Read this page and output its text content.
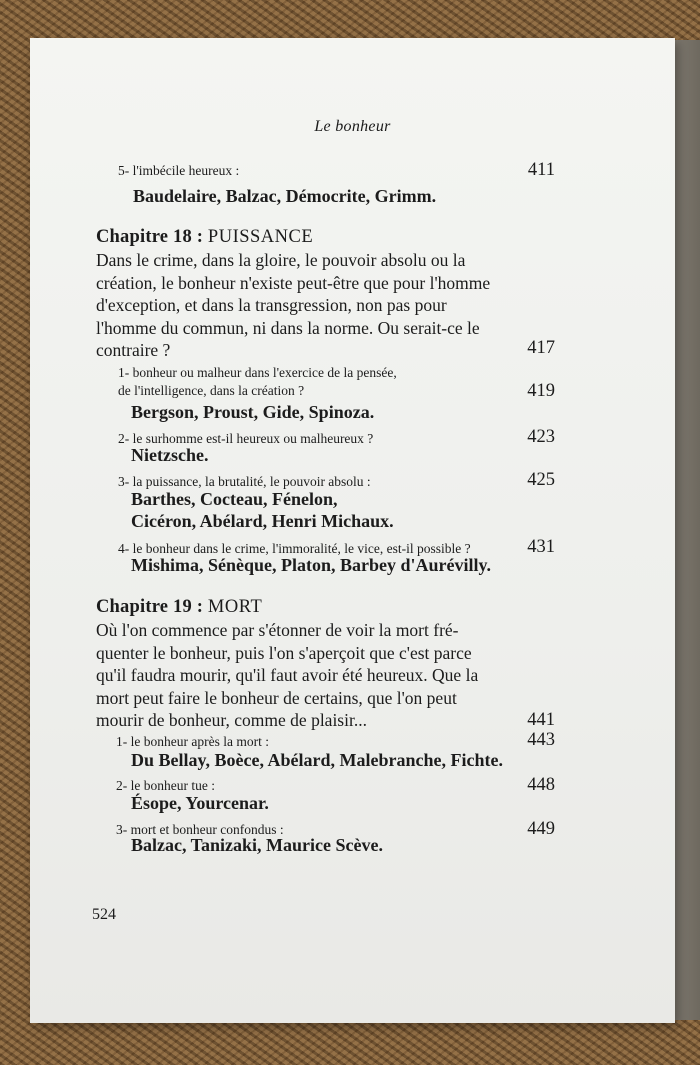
Le bonheur
5- l'imbécile heureux :	411
Baudelaire, Balzac, Démocrite, Grimm.
Chapitre 18 : PUISSANCE
Dans le crime, dans la gloire, le pouvoir absolu ou la
création, le bonheur n'existe peut-être que pour l'homme
d'exception, et dans la transgression, non pas pour
l'homme du commun, ni dans la norme. Ou serait-ce le
contraire ?	417
1- bonheur ou malheur dans l'exercice de la pensée,
de l'intelligence, dans la création ?	419
Bergson, Proust, Gide, Spinoza.
2- le surhomme est-il heureux ou malheureux ?	423
Nietzsche.
3- la puissance, la brutalité, le pouvoir absolu :	425
Barthes, Cocteau, Fénelon,
Cicéron, Abélard, Henri Michaux.
4- le bonheur dans le crime, l'immoralité, le vice, est-il possible ?	431
Mishima, Sénèque, Platon, Barbey d'Aurévilly.
Chapitre 19 : MORT
Où l'on commence par s'étonner de voir la mort fré-
quenter le bonheur, puis l'on s'aperçoit que c'est parce
qu'il faudra mourir, qu'il faut avoir été heureux. Que la
mort peut faire le bonheur de certains, que l'on peut
mourir de bonheur, comme de plaisir...	441
1- le bonheur après la mort :	443
Du Bellay, Boèce, Abélard, Malebranche, Fichte.
2- le bonheur tue :	448
Ésope, Yourcenar.
3- mort et bonheur confondus :	449
Balzac, Tanizaki, Maurice Scève.
524
